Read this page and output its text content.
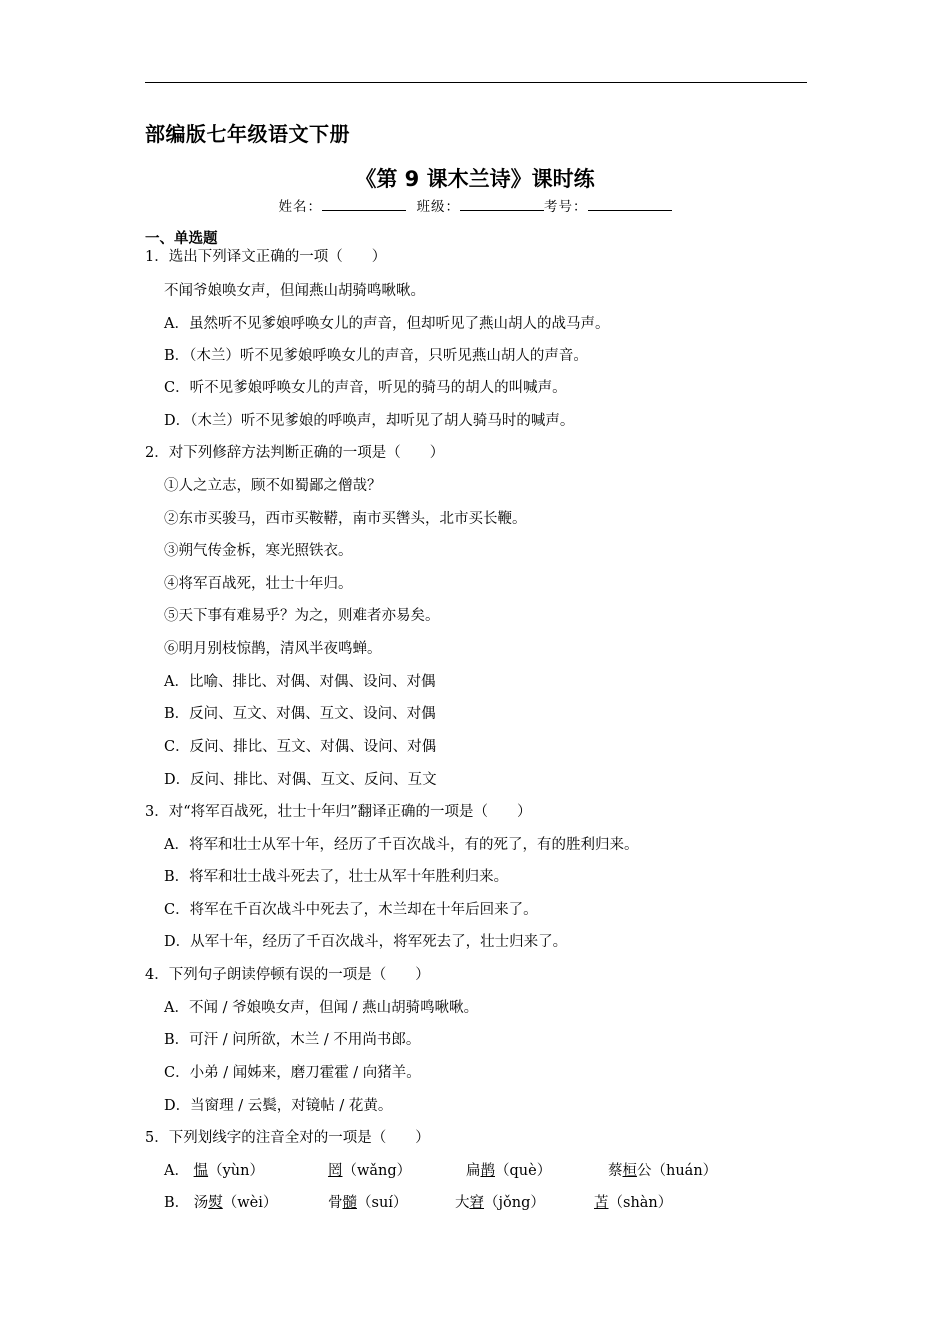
部编版七年级语文下册
《第 9 课木兰诗》课时练
姓名：	班级：	考号：
一、单选题
1．选出下列译文正确的一项（　　）
不闻爷娘唤女声，但闻燕山胡骑鸣啾啾。
A．虽然听不见爹娘呼唤女儿的声音，但却听见了燕山胡人的战马声。
B．（木兰）听不见爹娘呼唤女儿的声音，只听见燕山胡人的声音。
C．听不见爹娘呼唤女儿的声音，听见的骑马的胡人的叫喊声。
D．（木兰）听不见爹娘的呼唤声，却听见了胡人骑马时的喊声。
2．对下列修辞方法判断正确的一项是（　　）
①人之立志，顾不如蜀鄙之僧哉？
②东市买骏马，西市买鞍鞯，南市买辔头，北市买长鞭。
③朔气传金柝，寒光照铁衣。
④将军百战死，壮士十年归。
⑤天下事有难易乎？为之，则难者亦易矣。
⑥明月别枝惊鹊，清风半夜鸣蝉。
A．比喻、排比、对偶、对偶、设问、对偶
B．反问、互文、对偶、互文、设问、对偶
C．反问、排比、互文、对偶、设问、对偶
D．反问、排比、对偶、互文、反问、互文
3．对“将军百战死，壮士十年归”翻译正确的一项是（　　）
A．将军和壮士从军十年，经历了千百次战斗，有的死了，有的胜利归来。
B．将军和壮士战斗死去了，壮士从军十年胜利归来。
C．将军在千百次战斗中死去了，木兰却在十年后回来了。
D．从军十年，经历了千百次战斗，将军死去了，壮士归来了。
4．下列句子朗读停顿有误的一项是（　　）
A．不闻 / 爷娘唤女声，但闻 / 燕山胡骑鸣啾啾。
B．可汗 / 问所欲，木兰 / 不用尚书郎。
C．小弟 / 闻姊来，磨刀霍霍 / 向猪羊。
D．当窗理 / 云鬓，对镜帖 / 花黄。
5．下列划线字的注音全对的一项是（　　）
A． 愠（yùn）	罔（wǎng）	扁鹊（què）	蔡桓公（huán）
B． 汤熨（wèi）	骨髓（suí）	大窘（jǒng）	苫（shàn）
